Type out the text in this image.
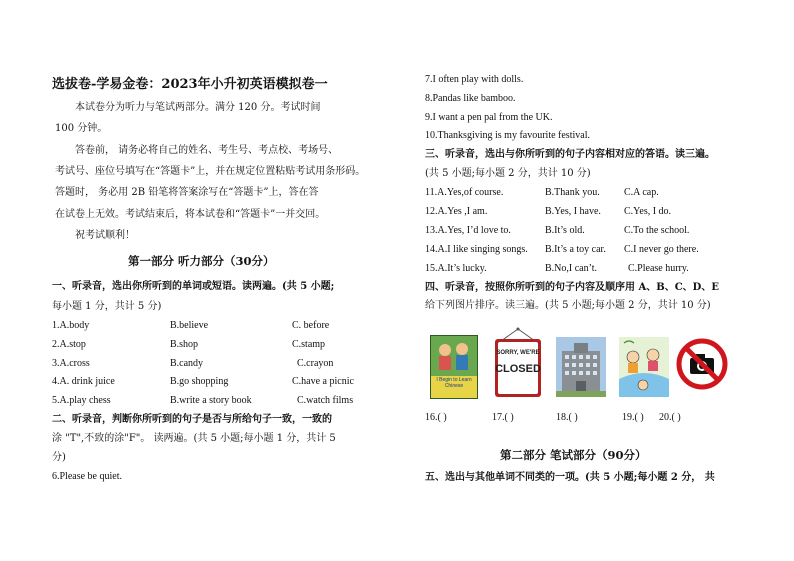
选拔卷-学易金卷：2023年小升初英语模拟卷一
本试卷分为听力与笔试两部分。满分 120 分。考试时间
100 分钟。
答卷前， 请务必将自己的姓名、考生号、考点校、考场号、
考试号、座位号填写在“答题卡”上，并在规定位置粘贴考试用条形码。
答题时， 务必用 2B 铅笔将答案涂写在“答题卡”上，答在答
在试卷上无效。考试结束后，将本试卷和“答题卡”一并交回。
祝考试顺利！
第一部分 听力部分（30分）
一、听录音，选出你所听到的单词或短语。读两遍。(共 5 小题;
每小题 1 分，共计 5 分)
1.A.body	B.believe	C. before
2.A.stop	B.shop	C.stamp
3.A.cross	B.candy	C.crayon
4.A. drink juice	B.go shopping	C.have a picnic
5.A.play chess	B.write a story book	C.watch films
二、听录音，判断你所听到的句子是否与所给句子一致，一致的
涂 "T",不致的涂"F"。 读两遍。(共 5 小题;每小题 1 分，共计 5
分)
6.Please be quiet.
7.I often play with dolls.
8.Pandas like bamboo.
9.I want a pen pal from the UK.
10.Thanksgiving is my favourite festival.
三、听录音，选出与你所听到的句子内容相对应的答语。读三遍。
(共 5 小题;每小题 2 分，共计 10 分)
11.A.Yes,of course.	B.Thank you. C.A cap.
12.A.Yes ,I am.	B.Yes, I have. C.Yes, I do.
13.A.Yes, I’d love to.	B.It’s old.	C.To the school.
14.A.I like singing songs. B.It’s a toy car. C.I never go there.
15.A.It’s lucky.	B.No,I can’t.	C.Please hurry.
四、听录音，按照你所听到的句子内容及顺序用 A、B、C、D、E
给下列图片排序。读三遍。(共 5 小题;每小题 2 分，共计 10 分)
I Begin to Learn Chinese
SORRY, WE'RE
CLOSED
16.( )	17.( )	18.( )	19.( ) 20.( )
第二部分 笔试部分（90分）
五、选出与其他单词不同类的一项。(共 5 小题;每小题 2 分， 共
